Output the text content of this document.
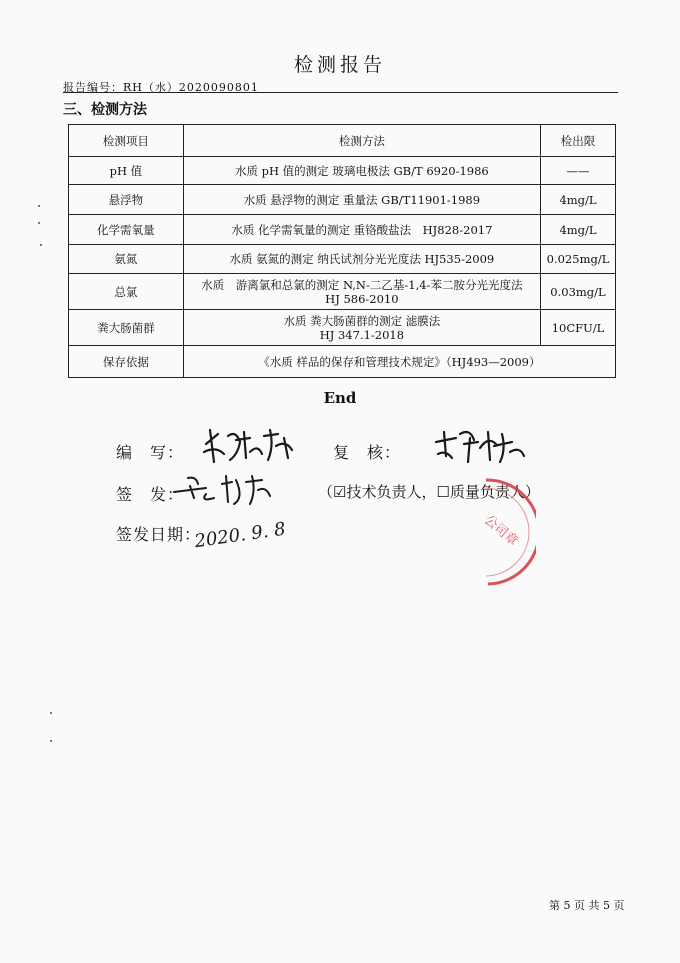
检测报告
报告编号：RH（水）2020090801
三、检测方法
检测项目	检测方法	检出限
pH 值	水质 pH 值的测定 玻璃电极法 GB/T 6920-1986	——
悬浮物	水质 悬浮物的测定 重量法 GB/T11901-1989	4mg/L
化学需氧量	水质 化学需氧量的测定 重铬酸盐法　HJ828-2017	4mg/L
氨氮	水质 氨氮的测定 纳氏试剂分光光度法 HJ535-2009	0.025mg/L
总氯	水质　游离氯和总氯的测定 N,N-二乙基-1,4-苯二胺分光光度法
HJ 586-2010	0.03mg/L
粪大肠菌群	水质 粪大肠菌群的测定 滤膜法
HJ 347.1-2018	10CFU/L
保存依据	《水质 样品的保存和管理技术规定》（HJ493—2009）	
End
编　写：	复　核：
签　发：	（☑技术负责人，☐质量负责人）
签发日期：
2020. 9. 8	公司章
第 5 页 共 5 页
